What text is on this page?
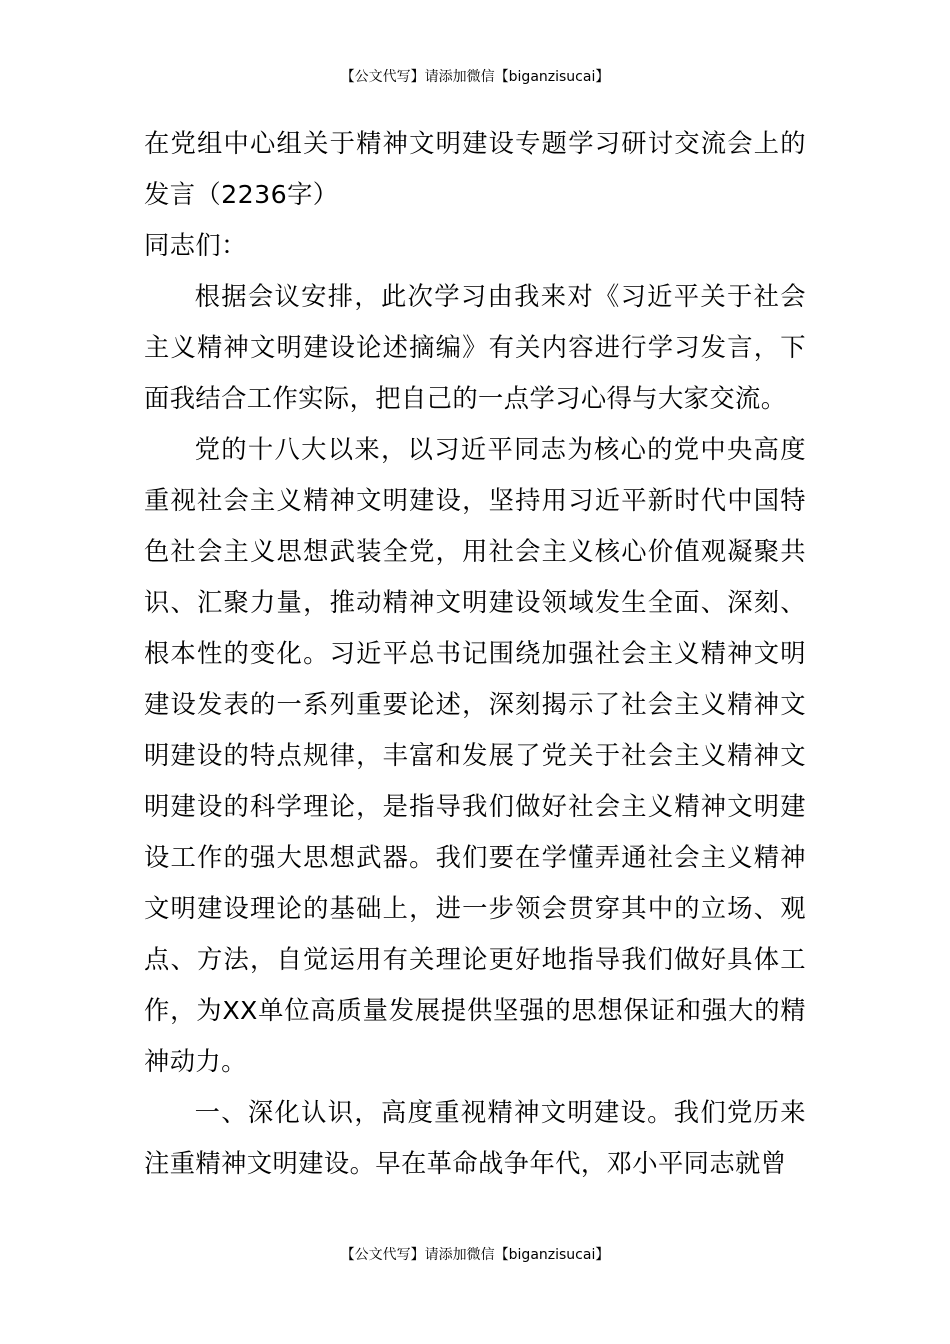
【公文代写】请添加微信【biganzisucai】

在党组中心组关于精神文明建设专题学习研讨交流会上的发言（2236字）

同志们：

根据会议安排，此次学习由我来对《习近平关于社会主义精神文明建设论述摘编》有关内容进行学习发言，下面我结合工作实际，把自己的一点学习心得与大家交流。

党的十八大以来，以习近平同志为核心的党中央高度重视社会主义精神文明建设，坚持用习近平新时代中国特色社会主义思想武装全党，用社会主义核心价值观凝聚共识、汇聚力量，推动精神文明建设领域发生全面、深刻、根本性的变化。习近平总书记围绕加强社会主义精神文明建设发表的一系列重要论述，深刻揭示了社会主义精神文明建设的特点规律，丰富和发展了党关于社会主义精神文明建设的科学理论，是指导我们做好社会主义精神文明建设工作的强大思想武器。我们要在学懂弄通社会主义精神文明建设理论的基础上，进一步领会贯穿其中的立场、观点、方法，自觉运用有关理论更好地指导我们做好具体工作，为XX单位高质量发展提供坚强的思想保证和强大的精神动力。

一、深化认识，高度重视精神文明建设。我们党历来注重精神文明建设。早在革命战争年代，邓小平同志就曾

【公文代写】请添加微信【biganzisucai】
